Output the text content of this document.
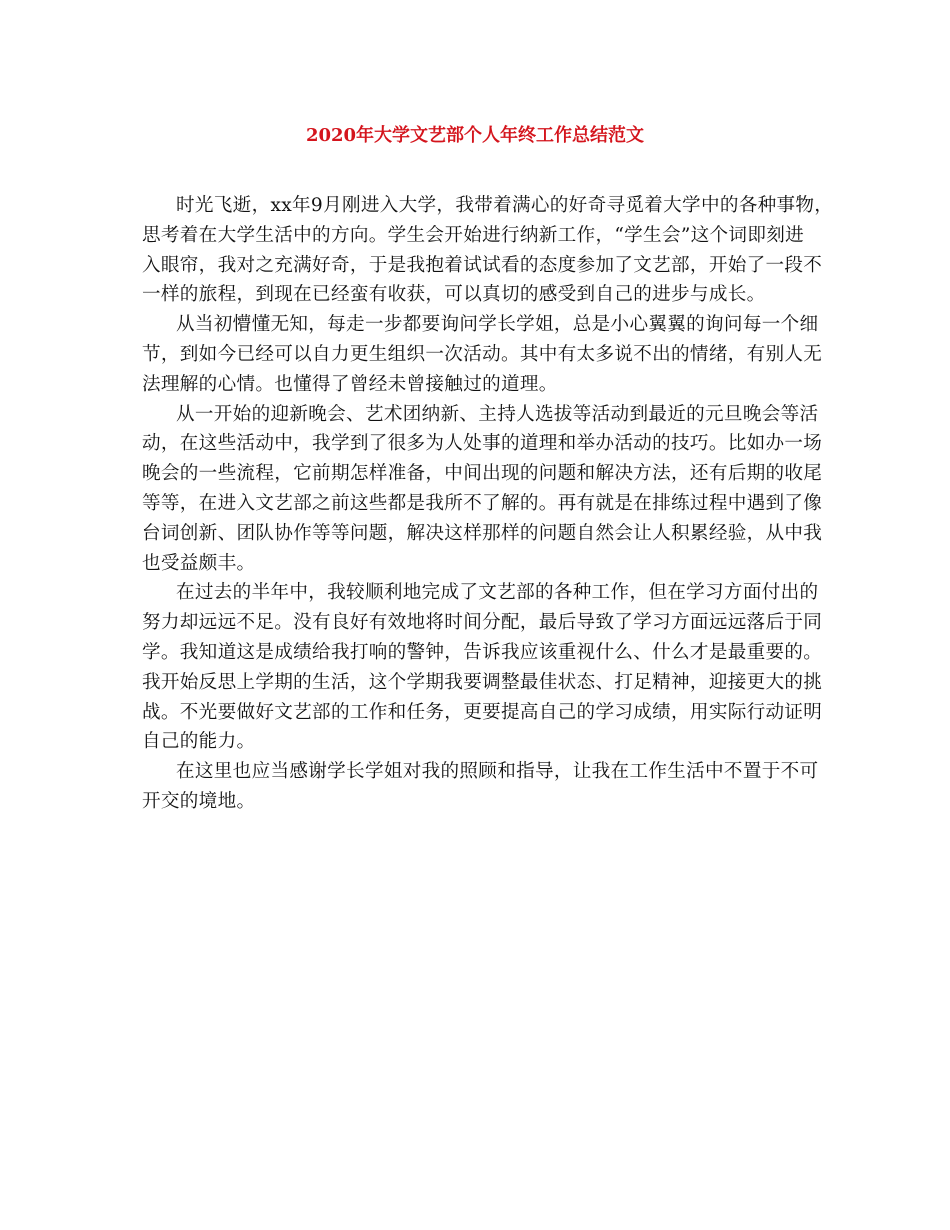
2020年大学文艺部个人年终工作总结范文
时光飞逝，xx年9月刚进入大学，我带着满心的好奇寻觅着大学中的各种事物，
思考着在大学生活中的方向。学生会开始进行纳新工作，“学生会”这个词即刻进
入眼帘，我对之充满好奇，于是我抱着试试看的态度参加了文艺部，开始了一段不
一样的旅程，到现在已经蛮有收获，可以真切的感受到自己的进步与成长。
从当初懵懂无知，每走一步都要询问学长学姐，总是小心翼翼的询问每一个细
节，到如今已经可以自力更生组织一次活动。其中有太多说不出的情绪，有别人无
法理解的心情。也懂得了曾经未曾接触过的道理。
从一开始的迎新晚会、艺术团纳新、主持人选拔等活动到最近的元旦晚会等活
动，在这些活动中，我学到了很多为人处事的道理和举办活动的技巧。比如办一场
晚会的一些流程，它前期怎样准备，中间出现的问题和解决方法，还有后期的收尾
等等，在进入文艺部之前这些都是我所不了解的。再有就是在排练过程中遇到了像
台词创新、团队协作等等问题，解决这样那样的问题自然会让人积累经验，从中我
也受益颇丰。
在过去的半年中，我较顺利地完成了文艺部的各种工作，但在学习方面付出的
努力却远远不足。没有良好有效地将时间分配，最后导致了学习方面远远落后于同
学。我知道这是成绩给我打响的警钟，告诉我应该重视什么、什么才是最重要的。
我开始反思上学期的生活，这个学期我要调整最佳状态、打足精神，迎接更大的挑
战。不光要做好文艺部的工作和任务，更要提高自己的学习成绩，用实际行动证明
自己的能力。
在这里也应当感谢学长学姐对我的照顾和指导，让我在工作生活中不置于不可
开交的境地。
